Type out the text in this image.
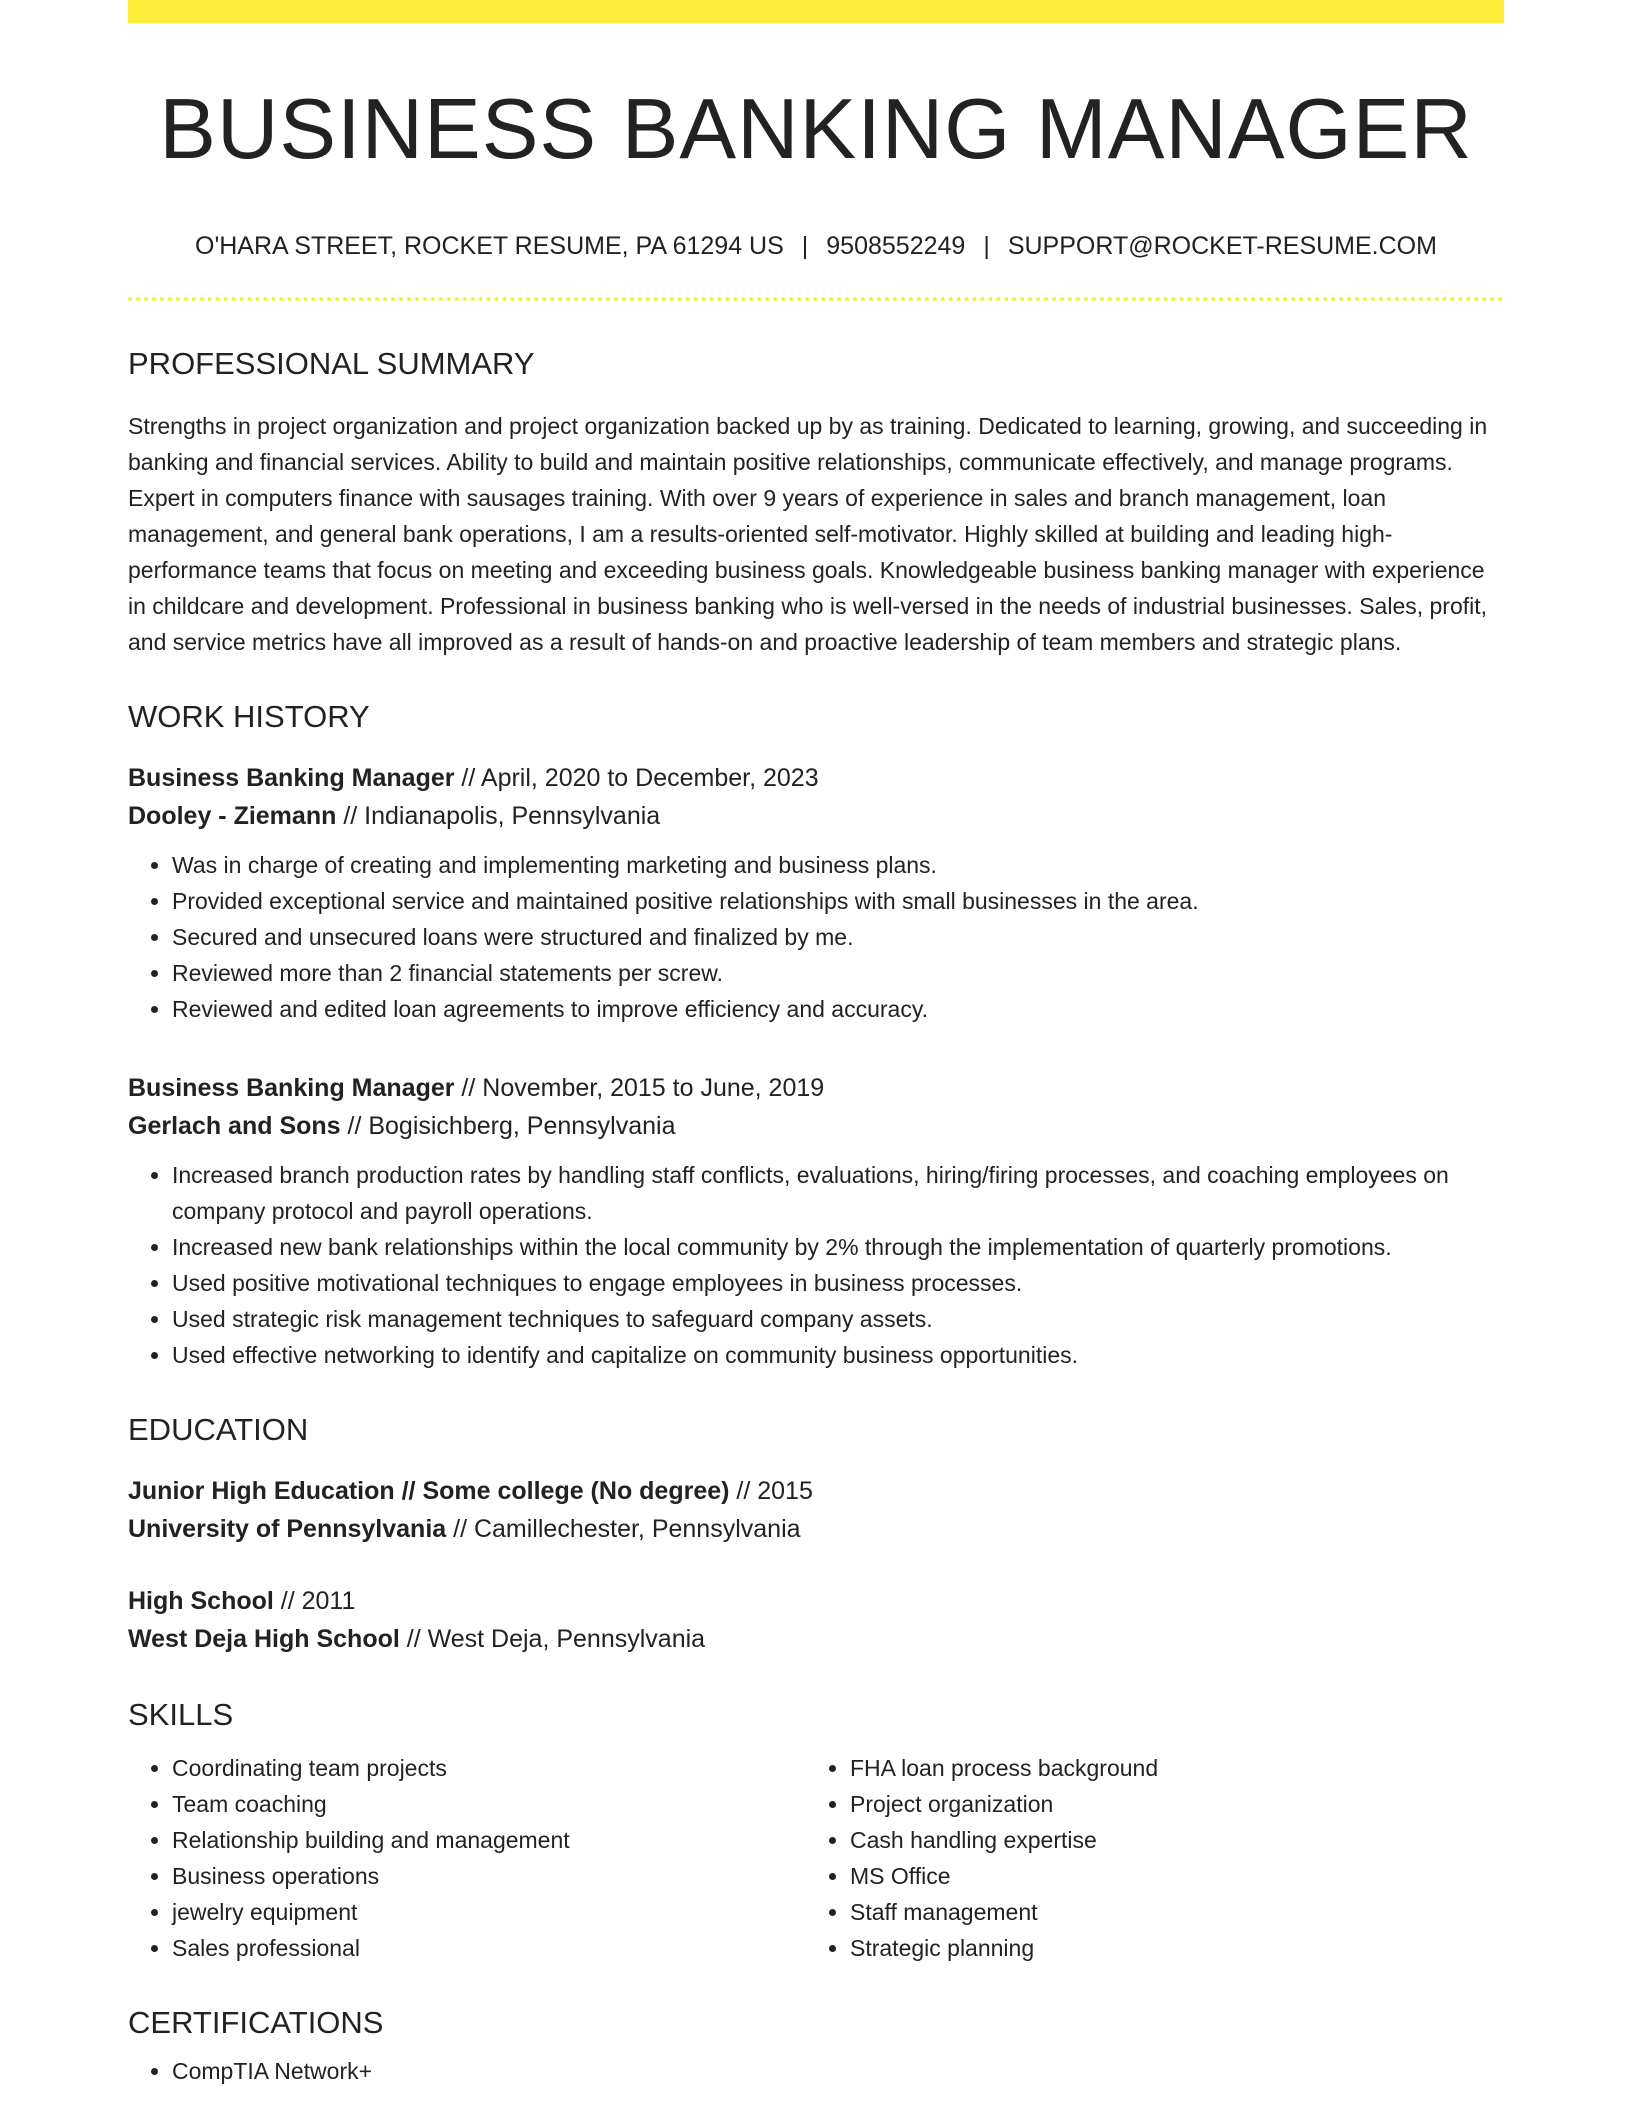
BUSINESS BANKING MANAGER
O'HARA STREET, ROCKET RESUME, PA 61294 US | 9508552249 | SUPPORT@ROCKET-RESUME.COM
PROFESSIONAL SUMMARY
Strengths in project organization and project organization backed up by as training. Dedicated to learning, growing, and succeeding in banking and financial services. Ability to build and maintain positive relationships, communicate effectively, and manage programs. Expert in computers finance with sausages training. With over 9 years of experience in sales and branch management, loan management, and general bank operations, I am a results-oriented self-motivator. Highly skilled at building and leading high-performance teams that focus on meeting and exceeding business goals. Knowledgeable business banking manager with experience in childcare and development. Professional in business banking who is well-versed in the needs of industrial businesses. Sales, profit, and service metrics have all improved as a result of hands-on and proactive leadership of team members and strategic plans.
WORK HISTORY
Business Banking Manager // April, 2020 to December, 2023
Dooley - Ziemann // Indianapolis, Pennsylvania
• Was in charge of creating and implementing marketing and business plans.
• Provided exceptional service and maintained positive relationships with small businesses in the area.
• Secured and unsecured loans were structured and finalized by me.
• Reviewed more than 2 financial statements per screw.
• Reviewed and edited loan agreements to improve efficiency and accuracy.
Business Banking Manager // November, 2015 to June, 2019
Gerlach and Sons // Bogisichberg, Pennsylvania
• Increased branch production rates by handling staff conflicts, evaluations, hiring/firing processes, and coaching employees on company protocol and payroll operations.
• Increased new bank relationships within the local community by 2% through the implementation of quarterly promotions.
• Used positive motivational techniques to engage employees in business processes.
• Used strategic risk management techniques to safeguard company assets.
• Used effective networking to identify and capitalize on community business opportunities.
EDUCATION
Junior High Education // Some college (No degree) // 2015
University of Pennsylvania // Camillechester, Pennsylvania
High School // 2011
West Deja High School // West Deja, Pennsylvania
SKILLS
• Coordinating team projects
• Team coaching
• Relationship building and management
• Business operations
• jewelry equipment
• Sales professional
• FHA loan process background
• Project organization
• Cash handling expertise
• MS Office
• Staff management
• Strategic planning
CERTIFICATIONS
• CompTIA Network+
